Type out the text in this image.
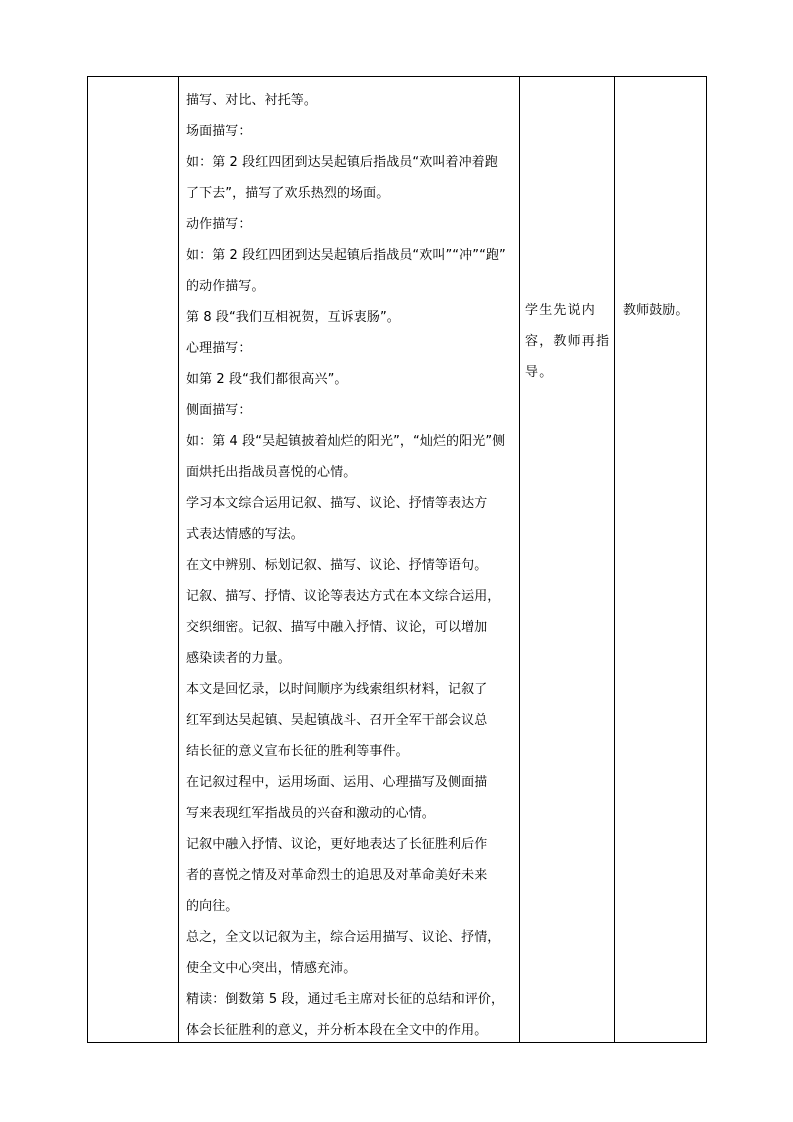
描写、对比、衬托等。
场面描写：
如：第 2 段红四团到达吴起镇后指战员“欢叫着冲着跑
了下去”，描写了欢乐热烈的场面。
动作描写：
如：第 2 段红四团到达吴起镇后指战员“欢叫”“冲”“跑”
的动作描写。
第 8 段“我们互相祝贺，互诉衷肠”。
心理描写：
如第 2 段“我们都很高兴”。
侧面描写：
如：第 4 段“吴起镇披着灿烂的阳光”，“灿烂的阳光”侧
面烘托出指战员喜悦的心情。
学习本文综合运用记叙、描写、议论、抒情等表达方
式表达情感的写法。
在文中辨别、标划记叙、描写、议论、抒情等语句。
记叙、描写、抒情、议论等表达方式在本文综合运用，
交织细密。记叙、描写中融入抒情、议论，可以增加
感染读者的力量。
本文是回忆录，以时间顺序为线索组织材料，记叙了
红军到达吴起镇、吴起镇战斗、召开全军干部会议总
结长征的意义宣布长征的胜利等事件。
在记叙过程中，运用场面、运用、心理描写及侧面描
写来表现红军指战员的兴奋和激动的心情。
记叙中融入抒情、议论，更好地表达了长征胜利后作
者的喜悦之情及对革命烈士的追思及对革命美好未来
的向往。
总之，全文以记叙为主，综合运用描写、议论、抒情，
使全文中心突出，情感充沛。
精读：倒数第 5 段，通过毛主席对长征的总结和评价，
体会长征胜利的意义，并分析本段在全文中的作用。
学生先说内
容，教师再指
导。
教师鼓励。
